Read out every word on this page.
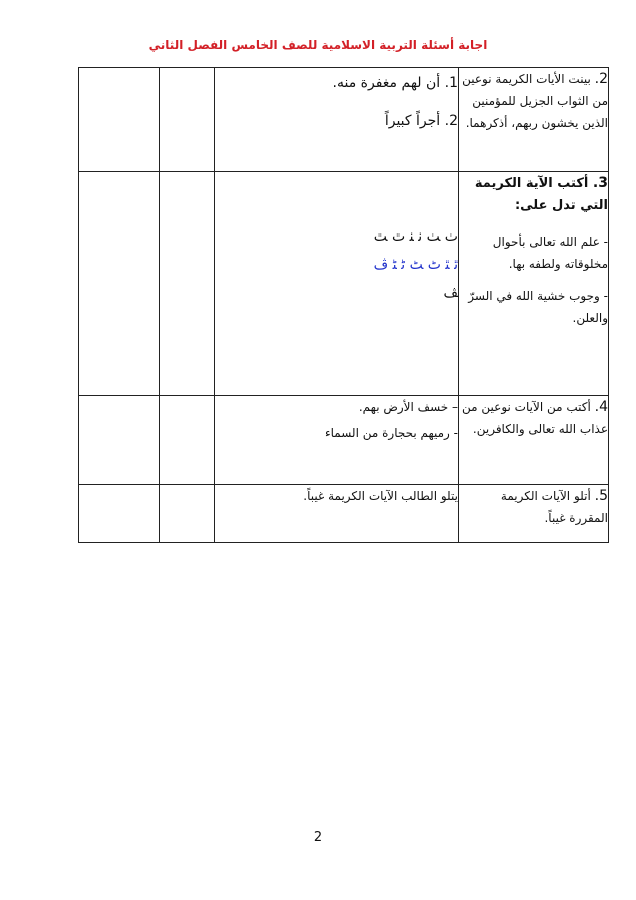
اجابة أسئلة التربية الاسلامية للصف الخامس الفصل الثاني
2. بينت الأيات الكريمة نوعين من الثواب الجزيل للمؤمنين الذين يخشون ربهم، أذكرهما.	1. أن لهم مغفرة منه.
2. أجراً كبيراً		

3. أكتب الآية الكريمة التي تدل على:
- علم الله تعالى بأحوال مخلوقاته ولطفه بها.
- وجوب خشية الله في السرّ والعلن.	ﭞ ﭟ ﭠ ﭡ ﭢ ﭣ
ﭤ ﭥ ﭦ ﭧ ﭨ ﭩ ﭪ
ﭫ		

4. أكتب من الآيات نوعين من عذاب الله تعالى والكافرين.	– خسف الأرض بهم.
- رميهم بحجارة من السماء		

5. أتلو الآيات الكريمة المقررة غيباً.	يتلو الطالب الآيات الكريمة غيباً.		

2
